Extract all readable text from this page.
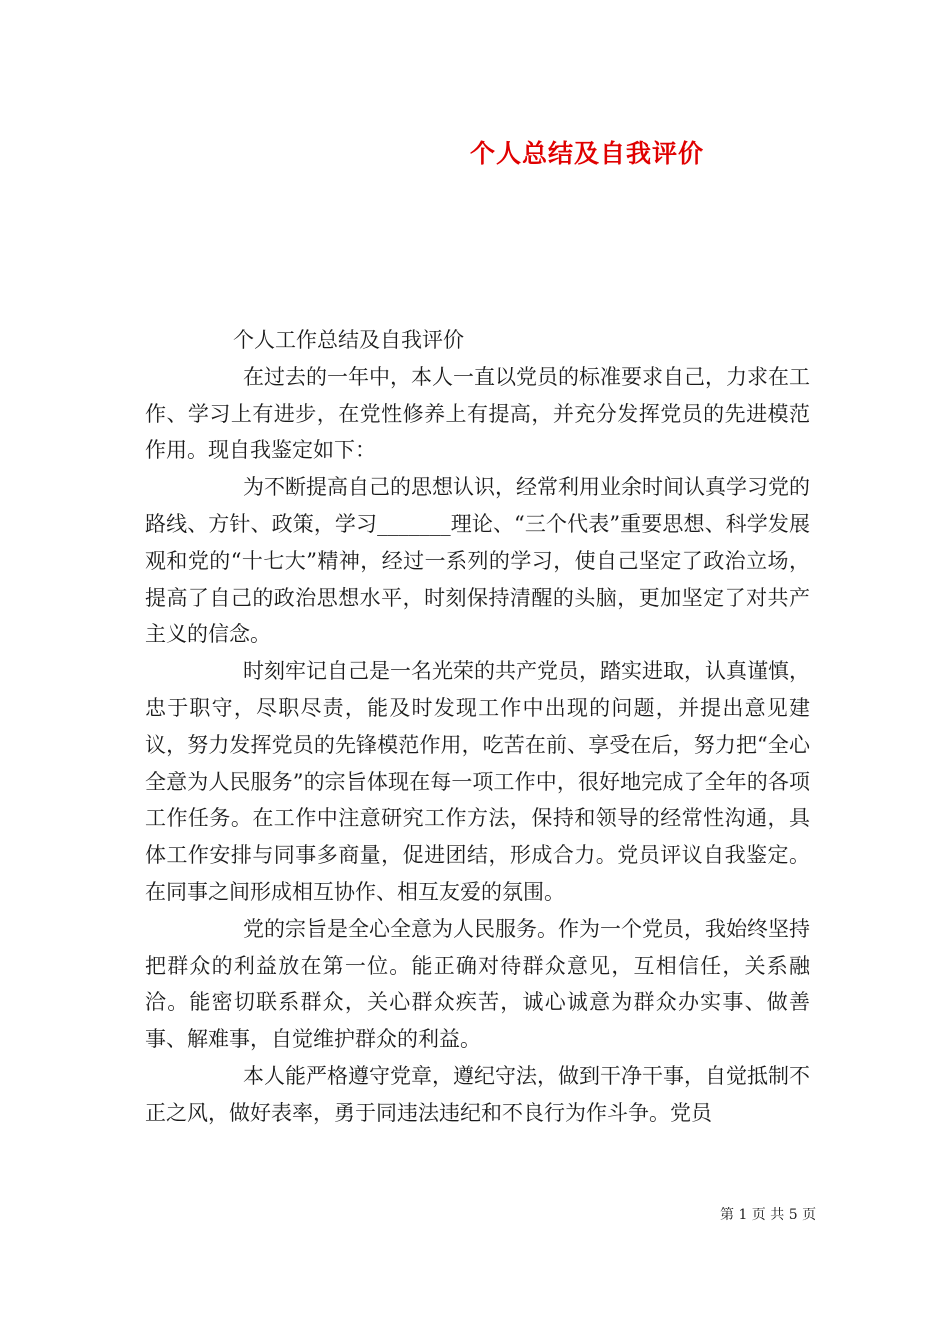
个人总结及自我评价

个人工作总结及自我评价

在过去的一年中，本人一直以党员的标准要求自己，力求在工作、学习上有进步，在党性修养上有提高，并充分发挥党员的先进模范作用。现自我鉴定如下：

为不断提高自己的思想认识，经常利用业余时间认真学习党的路线、方针、政策，学习_______理论、“三个代表”重要思想、科学发展观和党的“十七大”精神，经过一系列的学习，使自己坚定了政治立场，提高了自己的政治思想水平，时刻保持清醒的头脑，更加坚定了对共产主义的信念。

时刻牢记自己是一名光荣的共产党员，踏实进取，认真谨慎，忠于职守，尽职尽责，能及时发现工作中出现的问题，并提出意见建议，努力发挥党员的先锋模范作用，吃苦在前、享受在后，努力把“全心全意为人民服务”的宗旨体现在每一项工作中，很好地完成了全年的各项工作任务。在工作中注意研究工作方法，保持和领导的经常性沟通，具体工作安排与同事多商量，促进团结，形成合力。党员评议自我鉴定。在同事之间形成相互协作、相互友爱的氛围。

党的宗旨是全心全意为人民服务。作为一个党员，我始终坚持把群众的利益放在第一位。能正确对待群众意见，互相信任，关系融洽。能密切联系群众，关心群众疾苦，诚心诚意为群众办实事、做善事、解难事，自觉维护群众的利益。

本人能严格遵守党章，遵纪守法，做到干净干事，自觉抵制不正之风，做好表率，勇于同违法违纪和不良行为作斗争。党员

第 1 页 共 5 页
